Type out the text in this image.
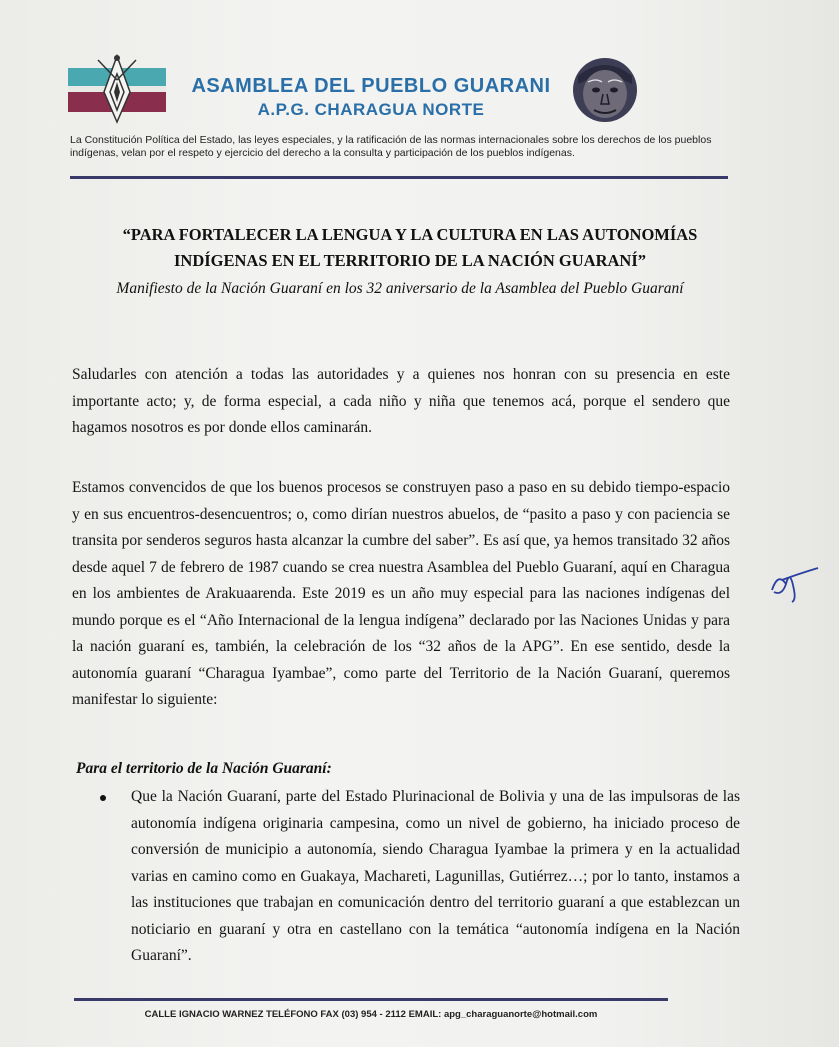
ASAMBLEA DEL PUEBLO GUARANI
A.P.G. CHARAGUA NORTE
La Constitución Política del Estado, las leyes especiales, y la ratificación de las normas internacionales sobre los derechos de los pueblos indígenas, velan por el respeto y ejercicio del derecho a la consulta y participación de los pueblos indígenas.
“PARA FORTALECER LA LENGUA Y LA CULTURA EN LAS AUTONOMÍAS INDÍGENAS EN EL TERRITORIO DE LA NACIÓN GUARANÍ”
Manifiesto de la Nación Guaraní en los 32 aniversario de la Asamblea del Pueblo Guaraní
Saludarles con atención a todas las autoridades y a quienes nos honran con su presencia en este importante acto; y, de forma especial, a cada niño y niña que tenemos acá, porque el sendero que hagamos nosotros es por donde ellos caminarán.
Estamos convencidos de que los buenos procesos se construyen paso a paso en su debido tiempo-espacio y en sus encuentros-desencuentros; o, como dirían nuestros abuelos, de “pasito a paso y con paciencia se transita por senderos seguros hasta alcanzar la cumbre del saber”. Es así que, ya hemos transitado 32 años desde aquel 7 de febrero de 1987 cuando se crea nuestra Asamblea del Pueblo Guaraní, aquí en Charagua en los ambientes de Arakuaarenda. Este 2019 es un año muy especial para las naciones indígenas del mundo porque es el “Año Internacional de la lengua indígena” declarado por las Naciones Unidas y para la nación guaraní es, también, la celebración de los “32 años de la APG”. En ese sentido, desde la autonomía guaraní “Charagua Iyambae”, como parte del Territorio de la Nación Guaraní, queremos manifestar lo siguiente:
Para el territorio de la Nación Guaraní:
Que la Nación Guaraní, parte del Estado Plurinacional de Bolivia y una de las impulsoras de las autonomía indígena originaria campesina, como un nivel de gobierno, ha iniciado proceso de conversión de municipio a autonomía, siendo Charagua Iyambae la primera y en la actualidad varias en camino como en Guakaya, Machareti, Lagunillas, Gutiérrez…; por lo tanto, instamos a las instituciones que trabajan en comunicación dentro del territorio guaraní a que establezcan un noticiario en guaraní y otra en castellano con la temática “autonomía indígena en la Nación Guaraní”.
CALLE IGNACIO WARNEZ TELÉFONO FAX (03) 954 - 2112 EMAIL: apg_charaguanorte@hotmail.com
